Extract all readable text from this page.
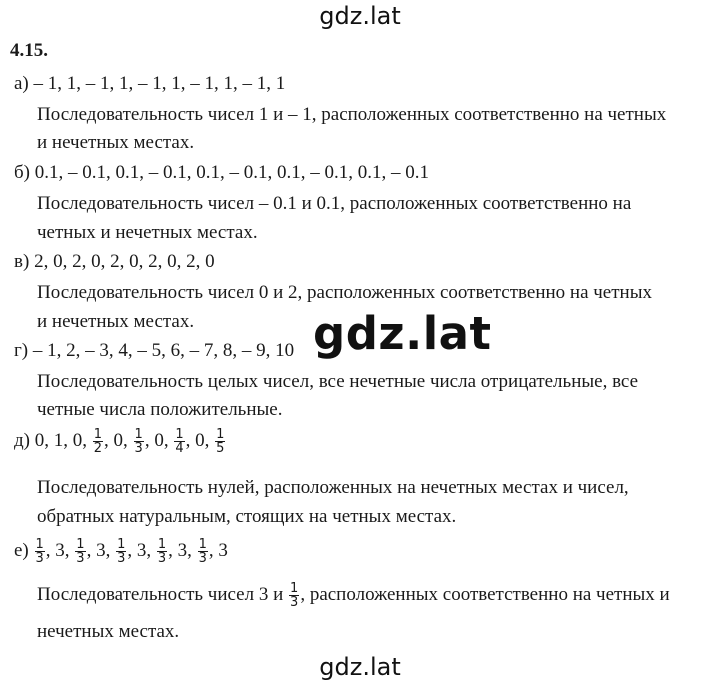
gdz.lat
4.15.
а) – 1, 1, – 1, 1, – 1, 1, – 1, 1, – 1, 1
Последовательность чисел 1 и – 1, расположенных соответственно на четных
и нечетных местах.
б) 0.1, – 0.1, 0.1, – 0.1, 0.1, – 0.1, 0.1, – 0.1, 0.1, – 0.1
Последовательность чисел – 0.1 и 0.1, расположенных соответственно на
четных и нечетных местах.
в) 2, 0, 2, 0, 2, 0, 2, 0, 2, 0
Последовательность чисел 0 и 2, расположенных соответственно на четных
и нечетных местах.
г) – 1, 2, – 3, 4, – 5, 6, – 7, 8, – 9, 10
Последовательность целых чисел, все нечетные числа отрицательные, все
четные числа положительные.
д) 0, 1, 0, $\frac{1}{2}$ , 0, $\frac{1}{3}$ , 0, $\frac{1}{4}$ , 0, $\frac{1}{5}$
Последовательность нулей, расположенных на нечетных местах и чисел,
обратных натуральным, стоящих на четных местах.
$е) \frac{1}{3}$ , 3, $\frac{1}{3}$ , 3, $\frac{1}{3}$ , 3, $\frac{1}{3}$ , 3, $\frac{1}{3}$ , 3
Последовательность чисел 3 и $\frac{1}{3}$ , расположенных соответственно на четных и
нечетных местах.
gdz.lat
gdz.lat
